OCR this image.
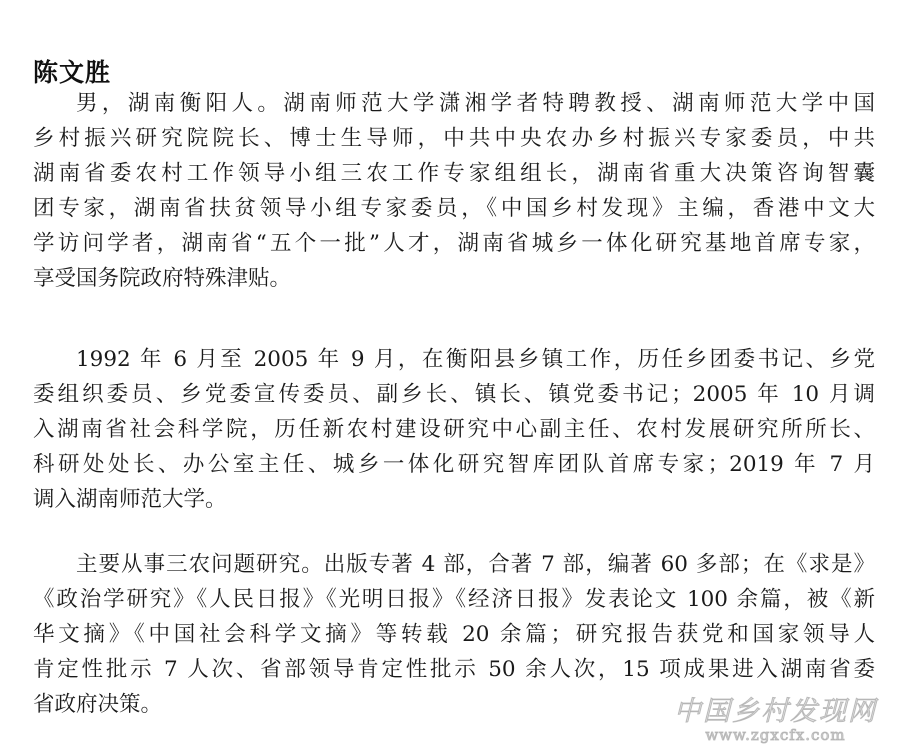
陈文胜
男，湖南衡阳人。湖南师范大学潇湘学者特聘教授、湖南师范大学中国
乡村振兴研究院院长、博士生导师，中共中央农办乡村振兴专家委员，中共
湖南省委农村工作领导小组三农工作专家组组长，湖南省重大决策咨询智囊
团专家，湖南省扶贫领导小组专家委员，《中国乡村发现》主编，香港中文大
学访问学者，湖南省“五个一批”人才，湖南省城乡一体化研究基地首席专家，
享受国务院政府特殊津贴。
1992 年 6 月至 2005 年 9 月，在衡阳县乡镇工作，历任乡团委书记、乡党
委组织委员、乡党委宣传委员、副乡长、镇长、镇党委书记；2005 年 10 月调
入湖南省社会科学院，历任新农村建设研究中心副主任、农村发展研究所所长、
科研处处长、办公室主任、城乡一体化研究智库团队首席专家；2019 年 7 月
调入湖南师范大学。
主要从事三农问题研究。出版专著 4 部，合著 7 部，编著 60 多部；在《求是》
《政治学研究》《人民日报》《光明日报》《经济日报》发表论文 100 余篇，被《新
华文摘》《中国社会科学文摘》等转载 20 余篇；研究报告获党和国家领导人
肯定性批示 7 人次、省部领导肯定性批示 50 余人次，15 项成果进入湖南省委
省政府决策。	中国乡村发现网
www.zgxcfx.com
